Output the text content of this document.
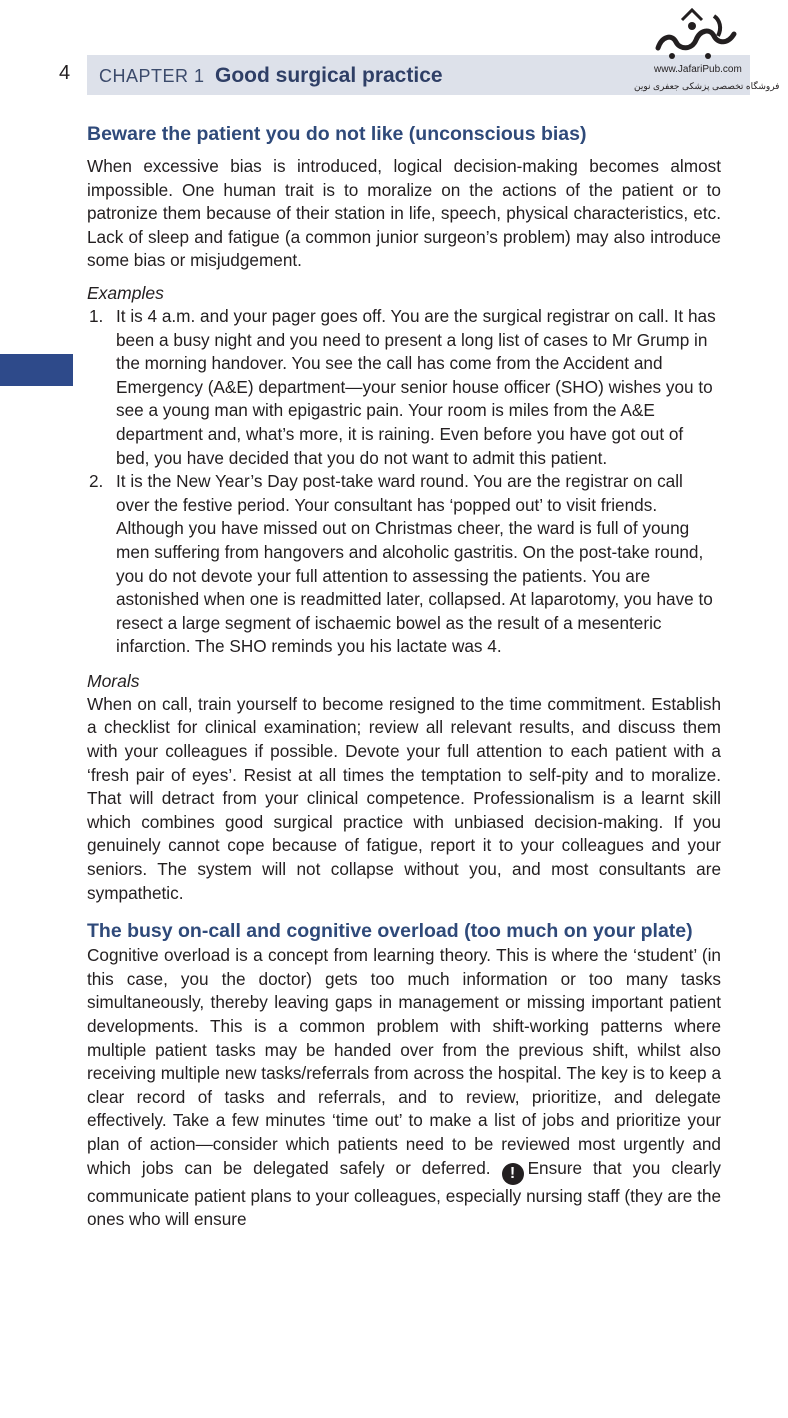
4 CHAPTER 1 Good surgical practice	www.JafariPub.com
فروشگاه تخصصی پزشکی جعفری نوین
Beware the patient you do not like (unconscious bias)

When excessive bias is introduced, logical decision-making becomes almost impossible. One human trait is to moralize on the actions of the patient or to patronize them because of their station in life, speech, physical characteristics, etc. Lack of sleep and fatigue (a common junior surgeon’s problem) may also introduce some bias or misjudgement.

Examples

1. It is 4 a.m. and your pager goes off. You are the surgical registrar on call. It has been a busy night and you need to present a long list of cases to Mr Grump in the morning handover. You see the call has come from the Accident and Emergency (A&E) department—your senior house officer (SHO) wishes you to see a young man with epigastric pain. Your room is miles from the A&E department and, what’s more, it is raining. Even before you have got out of bed, you have decided that you do not want to admit this patient.
2. It is the New Year’s Day post-take ward round. You are the registrar on call over the festive period. Your consultant has ‘popped out’ to visit friends. Although you have missed out on Christmas cheer, the ward is full of young men suffering from hangovers and alcoholic gastritis. On the post-take round, you do not devote your full attention to assessing the patients. You are astonished when one is readmitted later, collapsed. At laparotomy, you have to resect a large segment of ischaemic bowel as the result of a mesenteric infarction. The SHO reminds you his lactate was 4.

Morals

When on call, train yourself to become resigned to the time commitment. Establish a checklist for clinical examination; review all relevant results, and discuss them with your colleagues if possible. Devote your full attention to each patient with a ‘fresh pair of eyes’. Resist at all times the temptation to self-pity and to moralize. That will detract from your clinical competence. Professionalism is a learnt skill which combines good surgical practice with unbiased decision-making. If you genuinely cannot cope because of fatigue, report it to your colleagues and your seniors. The system will not collapse without you, and most consultants are sympathetic.

The busy on-call and cognitive overload (too much on your plate)

Cognitive overload is a concept from learning theory. This is where the ‘student’ (in this case, you the doctor) gets too much information or too many tasks simultaneously, thereby leaving gaps in management or missing important patient developments. This is a common problem with shift-working patterns where multiple patient tasks may be handed over from the previous shift, whilst also receiving multiple new tasks/referrals from across the hospital. The key is to keep a clear record of tasks and referrals, and to review, prioritize, and delegate effectively. Take a few minutes ‘time out’ to make a list of jobs and prioritize your plan of action—consider which patients need to be reviewed most urgently and which jobs can be delegated safely or deferred. ! Ensure that you clearly communicate patient plans to your colleagues, especially nursing staff (they are the ones who will ensure
